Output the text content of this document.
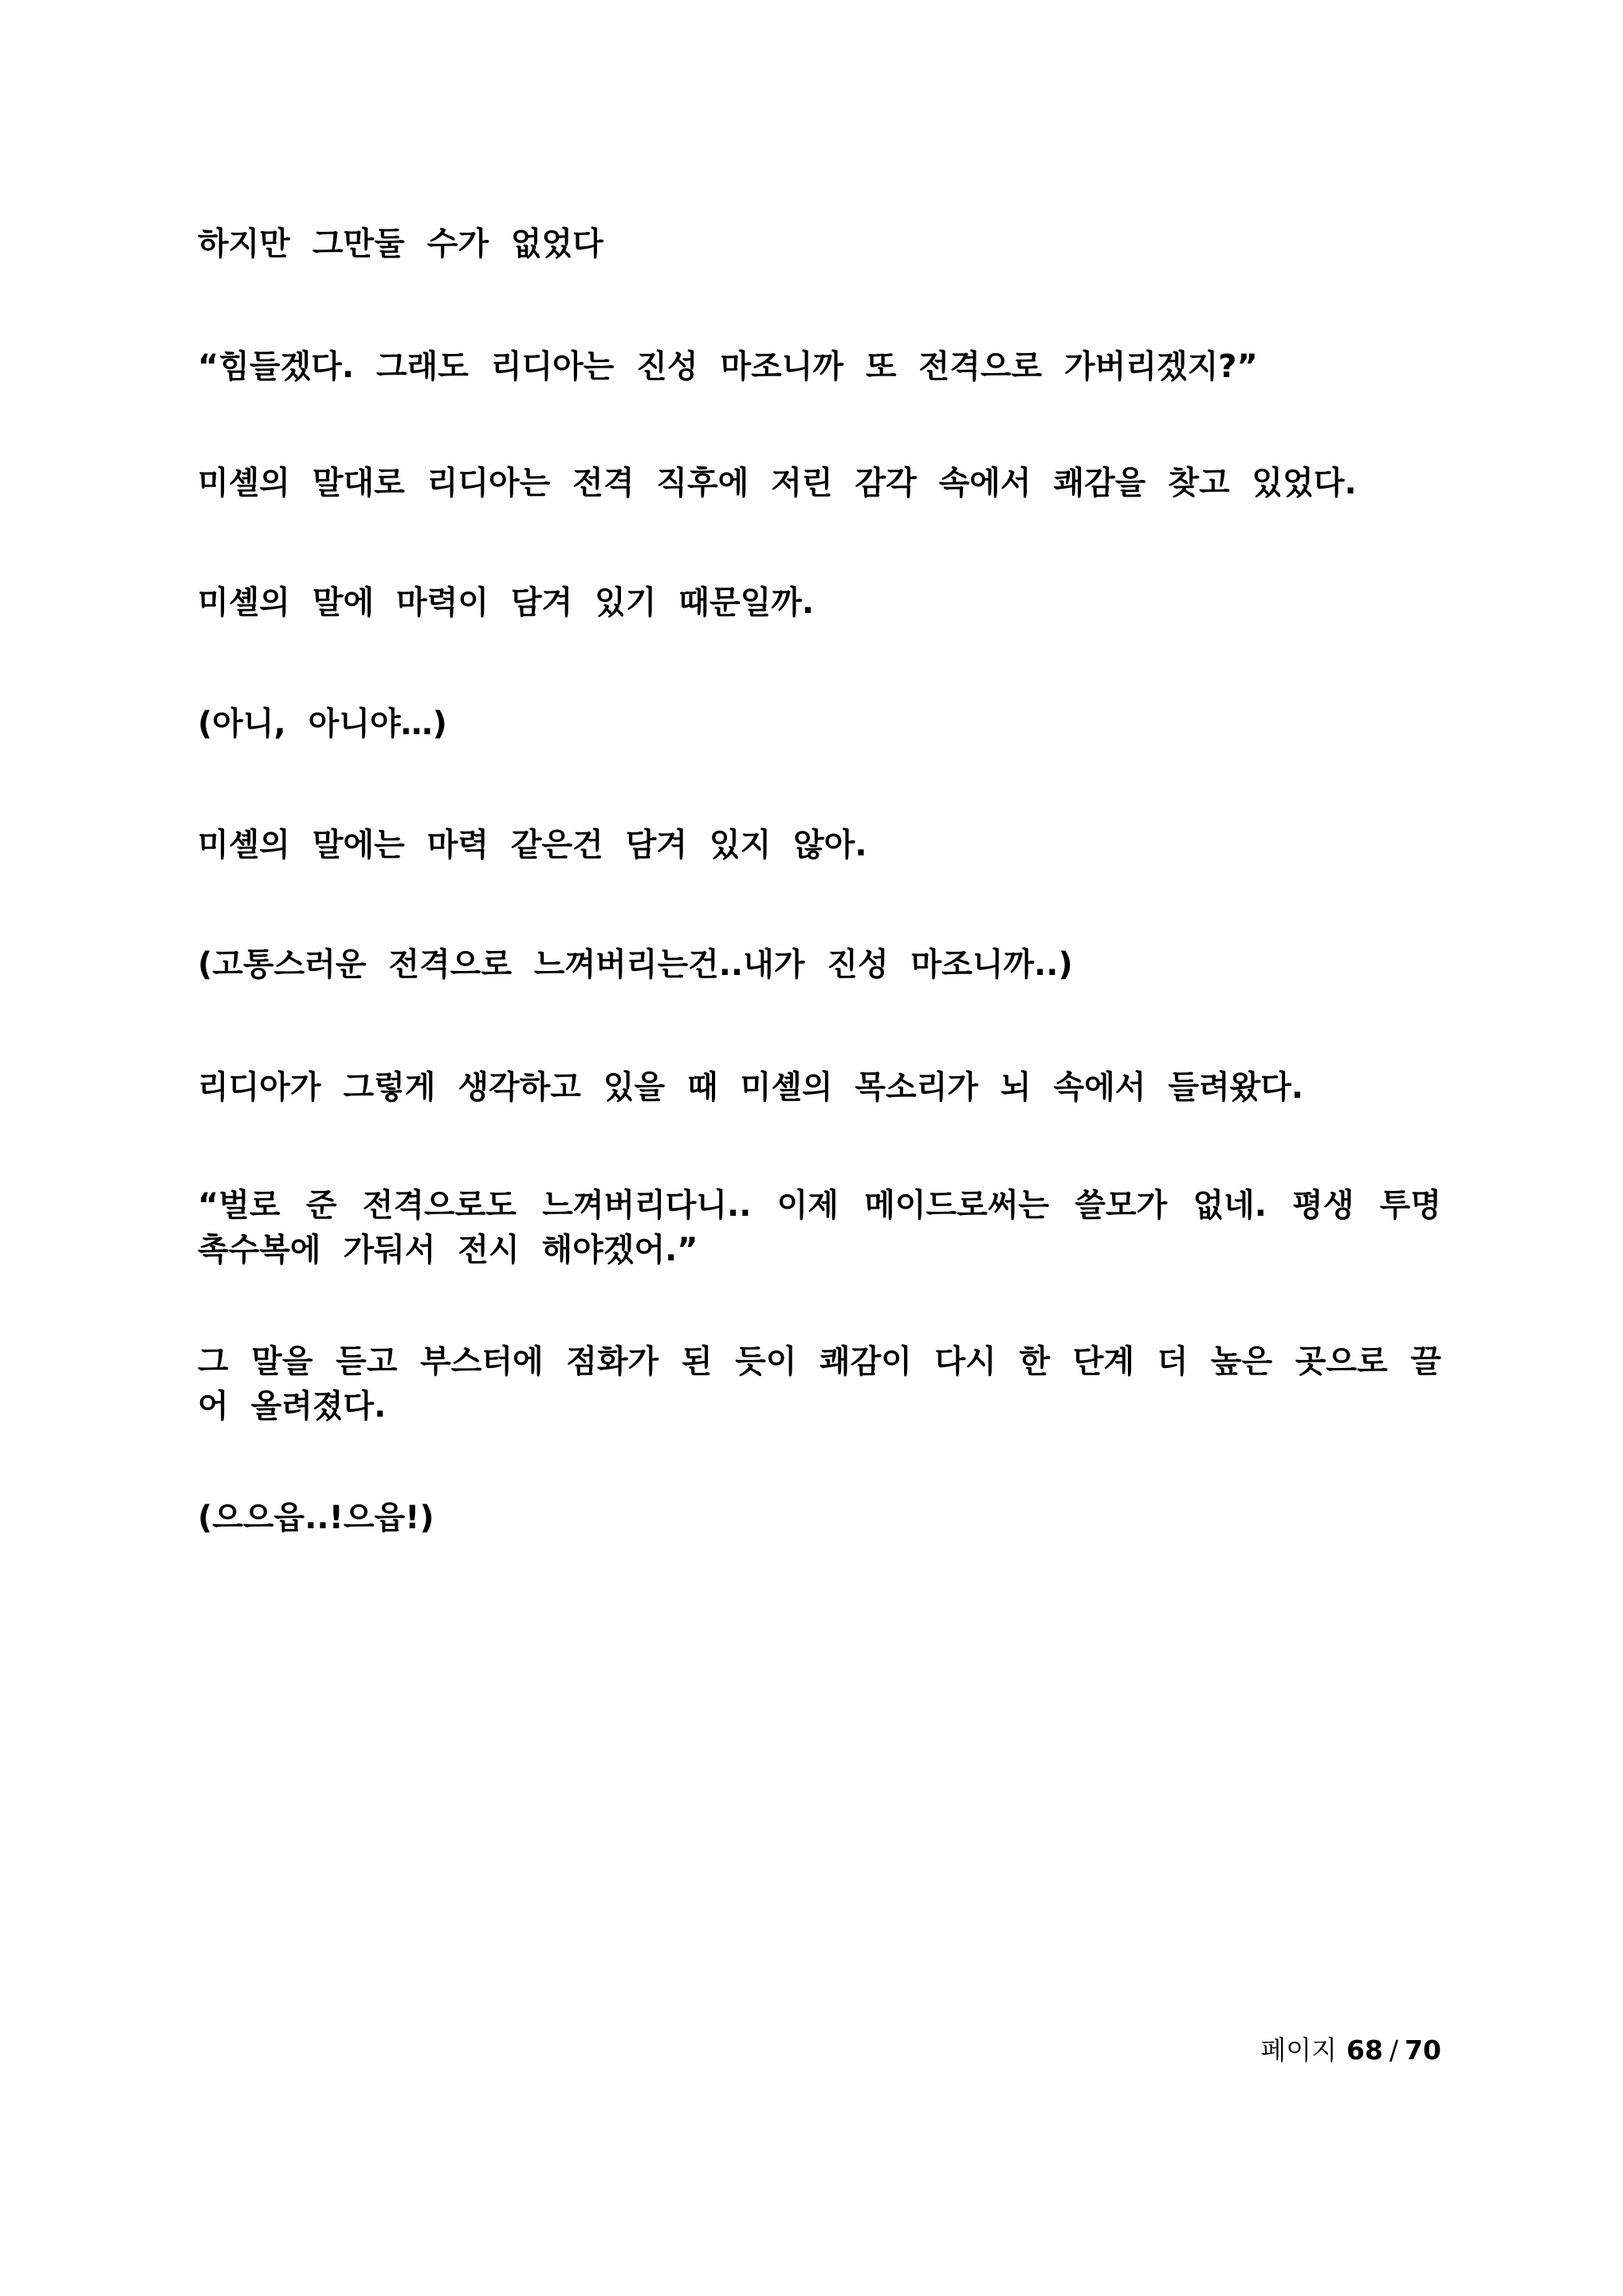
하지만 그만둘 수가 없었다

“힘들겠다. 그래도 리디아는 진성 마조니까 또 전격으로 가버리겠지?”

미셸의 말대로 리디아는 전격 직후에 저린 감각 속에서 쾌감을 찾고 있었다.

미셸의 말에 마력이 담겨 있기 때문일까.

(아니, 아니야…)

미셸의 말에는 마력 같은건 담겨 있지 않아.

(고통스러운 전격으로 느껴버리는건..내가 진성 마조니까..)

리디아가 그렇게 생각하고 있을 때 미셸의 목소리가 뇌 속에서 들려왔다.

“벌로 준 전격으로도 느껴버리다니.. 이제 메이드로써는 쓸모가 없네. 평생 투명 촉수복에 가둬서 전시 해야겠어.”

그 말을 듣고 부스터에 점화가 된 듯이 쾌감이 다시 한 단계 더 높은 곳으로 끌어 올려졌다.

(으으읍..!으읍!)

페이지 68 / 70
